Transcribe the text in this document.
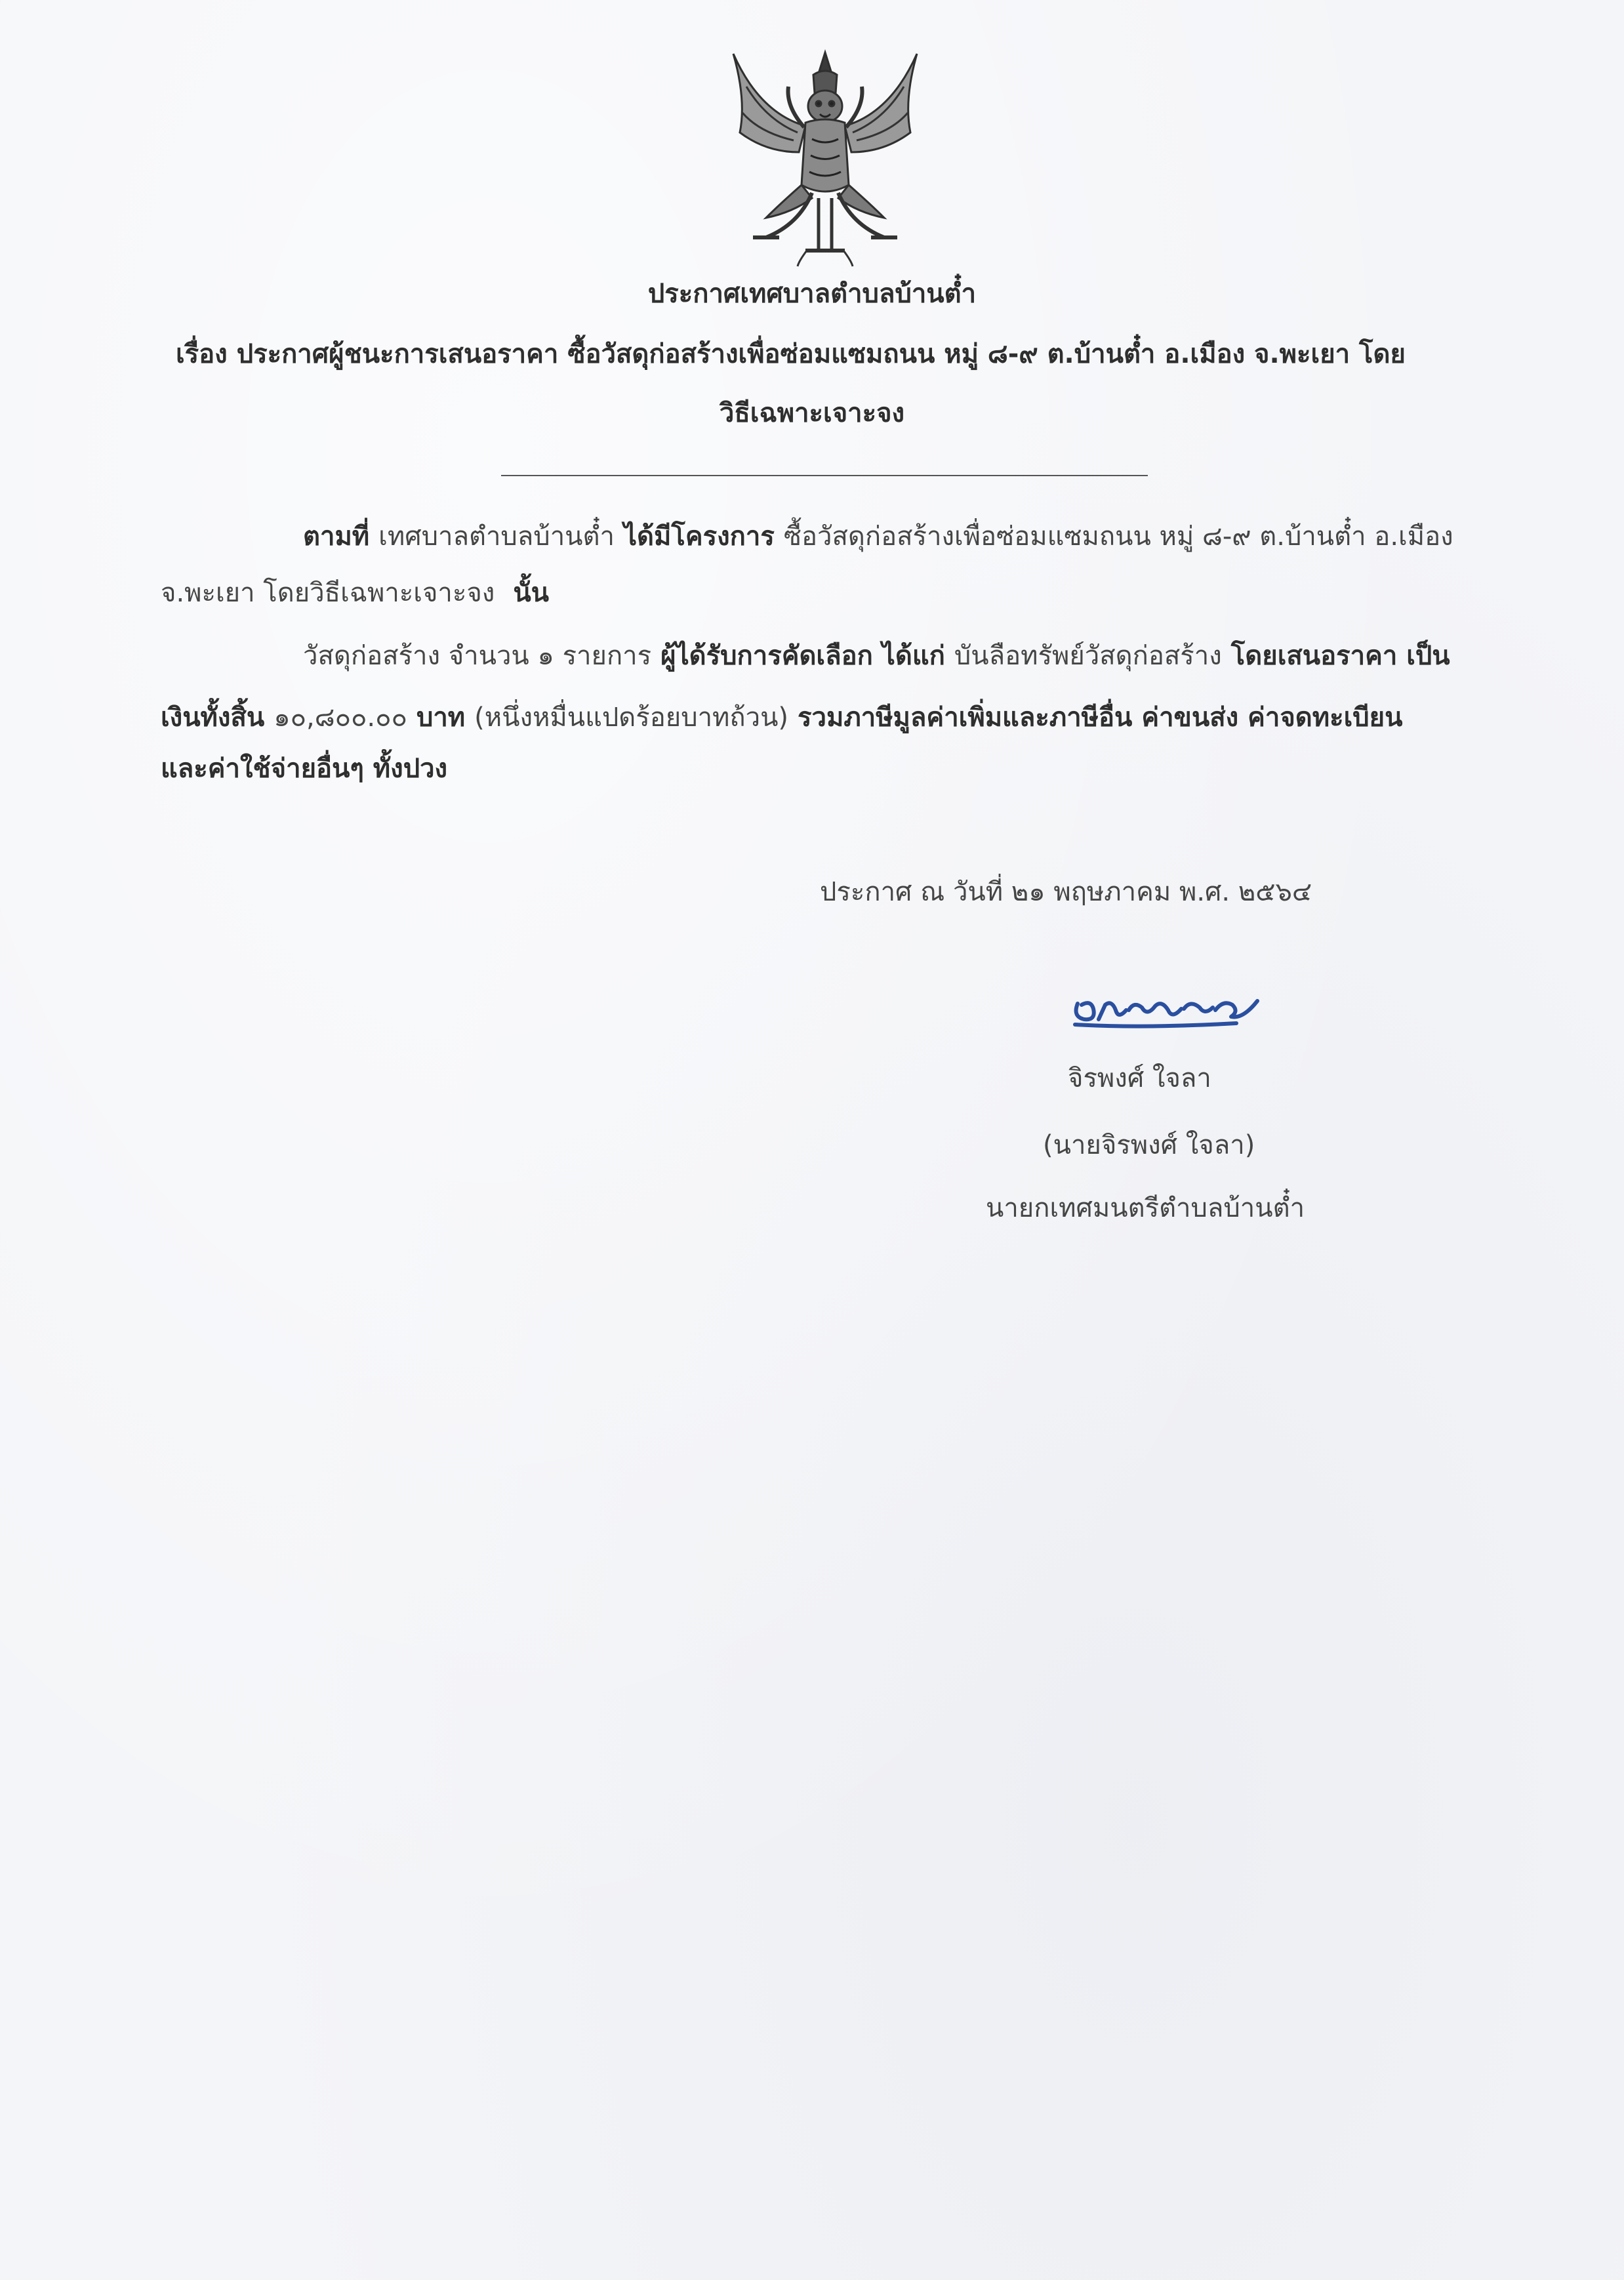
ประกาศเทศบาลตำบลบ้านต๋ำ
เรื่อง ประกาศผู้ชนะการเสนอราคา ซื้อวัสดุก่อสร้างเพื่อซ่อมแซมถนน หมู่ ๘-๙ ต.บ้านต๋ำ อ.เมือง จ.พะเยา โดย
วิธีเฉพาะเจาะจง
ตามที่ เทศบาลตำบลบ้านต๋ำ ได้มีโครงการ ซื้อวัสดุก่อสร้างเพื่อซ่อมแซมถนน หมู่ ๘-๙ ต.บ้านต๋ำ อ.เมือง
จ.พะเยา โดยวิธีเฉพาะเจาะจง นั้น
วัสดุก่อสร้าง จำนวน ๑ รายการ ผู้ได้รับการคัดเลือก ได้แก่ บันลือทรัพย์วัสดุก่อสร้าง โดยเสนอราคา เป็น
เงินทั้งสิ้น ๑๐,๘๐๐.๐๐ บาท (หนึ่งหมื่นแปดร้อยบาทถ้วน) รวมภาษีมูลค่าเพิ่มและภาษีอื่น ค่าขนส่ง ค่าจดทะเบียน
และค่าใช้จ่ายอื่นๆ ทั้งปวง
ประกาศ ณ วันที่ ๒๑ พฤษภาคม พ.ศ. ๒๕๖๔
จิรพงศ์ ใจลา
(นายจิรพงศ์ ใจลา)
นายกเทศมนตรีตำบลบ้านต๋ำ
